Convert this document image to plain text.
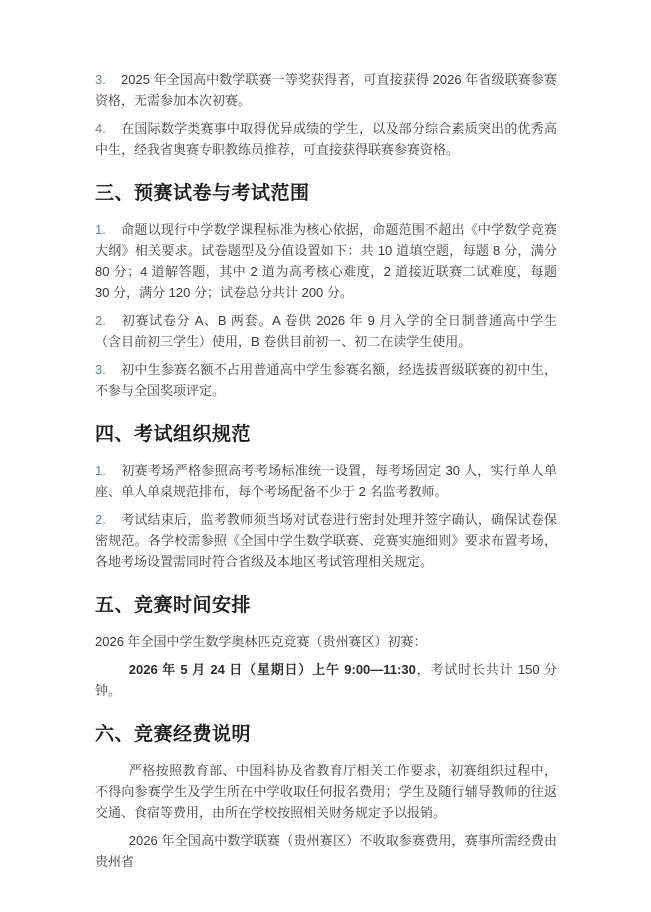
3. 2025 年全国高中数学联赛一等奖获得者，可直接获得 2026 年省级联赛参赛资格，无需参加本次初赛。

4. 在国际数学类赛事中取得优异成绩的学生，以及部分综合素质突出的优秀高中生，经我省奥赛专职教练员推荐，可直接获得联赛参赛资格。

三、预赛试卷与考试范围

1. 命题以现行中学数学课程标准为核心依据，命题范围不超出《中学数学竞赛大纲》相关要求。试卷题型及分值设置如下：共 10 道填空题，每题 8 分，满分 80 分；4 道解答题，其中 2 道为高考核心难度，2 道接近联赛二试难度，每题 30 分，满分 120 分；试卷总分共计 200 分。

2. 初赛试卷分 A、B 两套。A 卷供 2026 年 9 月入学的全日制普通高中学生（含目前初三学生）使用，B 卷供目前初一、初二在读学生使用。

3. 初中生参赛名额不占用普通高中学生参赛名额，经选拔晋级联赛的初中生，不参与全国奖项评定。

四、考试组织规范

1. 初赛考场严格参照高考考场标准统一设置，每考场固定 30 人，实行单人单座、单人单桌规范排布，每个考场配备不少于 2 名监考教师。

2. 考试结束后，监考教师须当场对试卷进行密封处理并签字确认，确保试卷保密规范。各学校需参照《全国中学生数学联赛、竞赛实施细则》要求布置考场，各地考场设置需同时符合省级及本地区考试管理相关规定。

五、竞赛时间安排

2026 年全国中学生数学奥林匹克竞赛（贵州赛区）初赛：

2026 年 5 月 24 日（星期日）上午 9:00—11:30，考试时长共计 150 分钟。

六、竞赛经费说明

严格按照教育部、中国科协及省教育厅相关工作要求，初赛组织过程中，不得向参赛学生及学生所在中学收取任何报名费用；学生及随行辅导教师的往返交通、食宿等费用，由所在学校按照相关财务规定予以报销。

2026 年全国高中数学联赛（贵州赛区）不收取参赛费用，赛事所需经费由贵州省
